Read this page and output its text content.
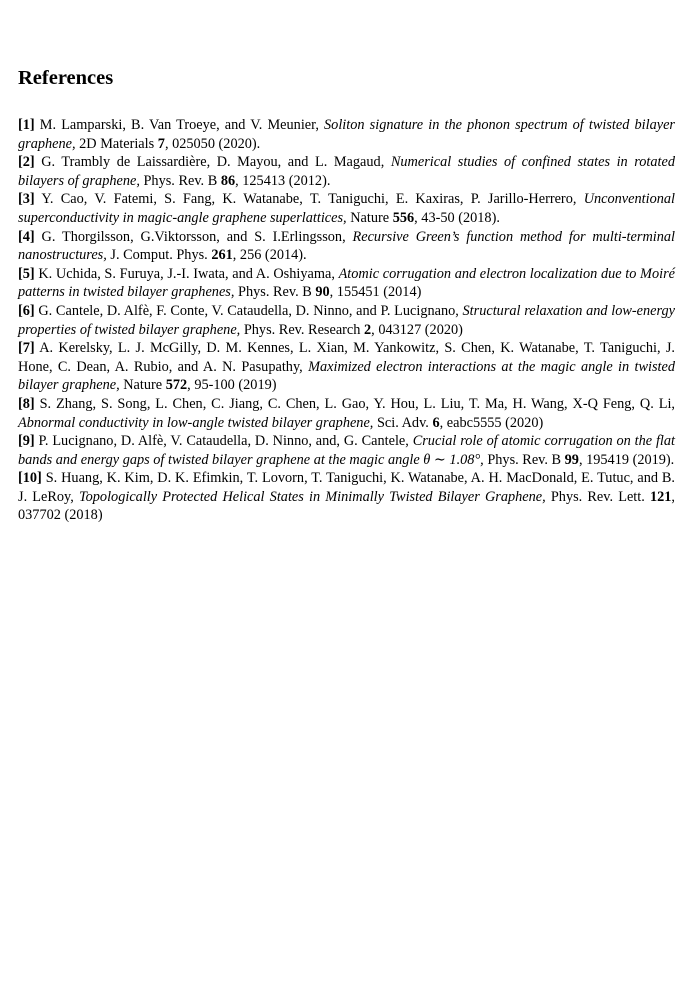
References

[1] M. Lamparski, B. Van Troeye, and V. Meunier, Soliton signature in the phonon spectrum of twisted bilayer graphene, 2D Materials 7, 025050 (2020).

[2] G. Trambly de Laissardière, D. Mayou, and L. Magaud, Numerical studies of confined states in rotated bilayers of graphene, Phys. Rev. B 86, 125413 (2012).

[3] Y. Cao, V. Fatemi, S. Fang, K. Watanabe, T. Taniguchi, E. Kaxiras, P. Jarillo-Herrero, Unconventional superconductivity in magic-angle graphene superlattices, Nature 556, 43-50 (2018).

[4] G. Thorgilsson, G.Viktorsson, and S. I.Erlingsson, Recursive Green’s function method for multi-terminal nanostructures, J. Comput. Phys. 261, 256 (2014).

[5] K. Uchida, S. Furuya, J.-I. Iwata, and A. Oshiyama, Atomic corrugation and electron localization due to Moiré patterns in twisted bilayer graphenes, Phys. Rev. B 90, 155451 (2014)

[6] G. Cantele, D. Alfè, F. Conte, V. Cataudella, D. Ninno, and P. Lucignano, Structural relaxation and low-energy properties of twisted bilayer graphene, Phys. Rev. Research 2, 043127 (2020)

[7] A. Kerelsky, L. J. McGilly, D. M. Kennes, L. Xian, M. Yankowitz, S. Chen, K. Watanabe, T. Taniguchi, J. Hone, C. Dean, A. Rubio, and A. N. Pasupathy, Maximized electron interactions at the magic angle in twisted bilayer graphene, Nature 572, 95-100 (2019)

[8] S. Zhang, S. Song, L. Chen, C. Jiang, C. Chen, L. Gao, Y. Hou, L. Liu, T. Ma, H. Wang, X-Q Feng, Q. Li, Abnormal conductivity in low-angle twisted bilayer graphene, Sci. Adv. 6, eabc5555 (2020)

[9] P. Lucignano, D. Alfè, V. Cataudella, D. Ninno, and, G. Cantele, Crucial role of atomic corrugation on the flat bands and energy gaps of twisted bilayer graphene at the magic angle θ ∼ 1.08°, Phys. Rev. B 99, 195419 (2019).

[10] S. Huang, K. Kim, D. K. Efimkin, T. Lovorn, T. Taniguchi, K. Watanabe, A. H. MacDonald, E. Tutuc, and B. J. LeRoy, Topologically Protected Helical States in Minimally Twisted Bilayer Graphene, Phys. Rev. Lett. 121, 037702 (2018)
